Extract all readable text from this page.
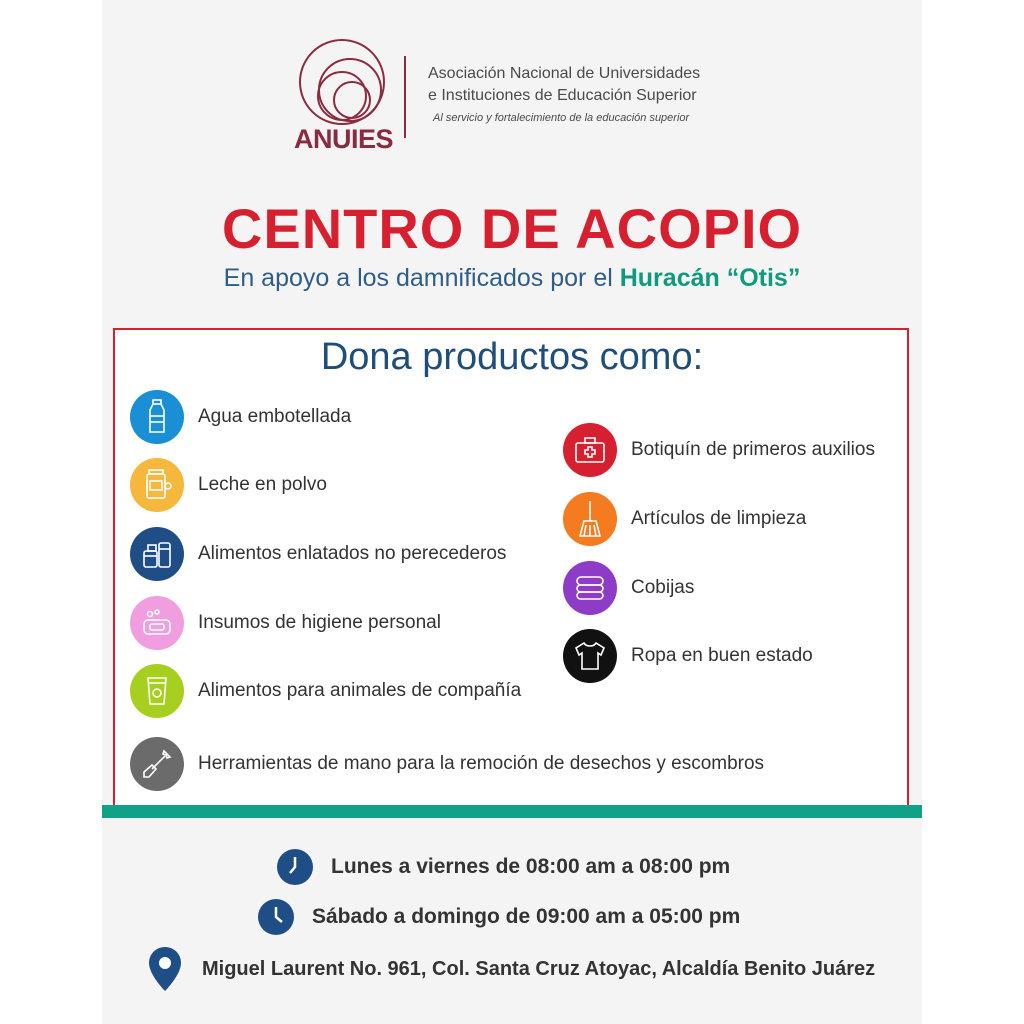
ANUIES
Asociación Nacional de Universidades
e Instituciones de Educación Superior
Al servicio y fortalecimiento de la educación superior
CENTRO DE ACOPIO
En apoyo a los damnificados por el Huracán “Otis”
Dona productos como:
Agua embotellada
Leche en polvo
Alimentos enlatados no perecederos
Insumos de higiene personal
Alimentos para animales de compañía
Botiquín de primeros auxilios
Artículos de limpieza
Cobijas
Ropa en buen estado
Herramientas de mano para la remoción de desechos y escombros
Lunes a viernes de 08:00 am a 08:00 pm
Sábado a domingo de 09:00 am a 05:00 pm
Miguel Laurent No. 961, Col. Santa Cruz Atoyac, Alcaldía Benito Juárez
